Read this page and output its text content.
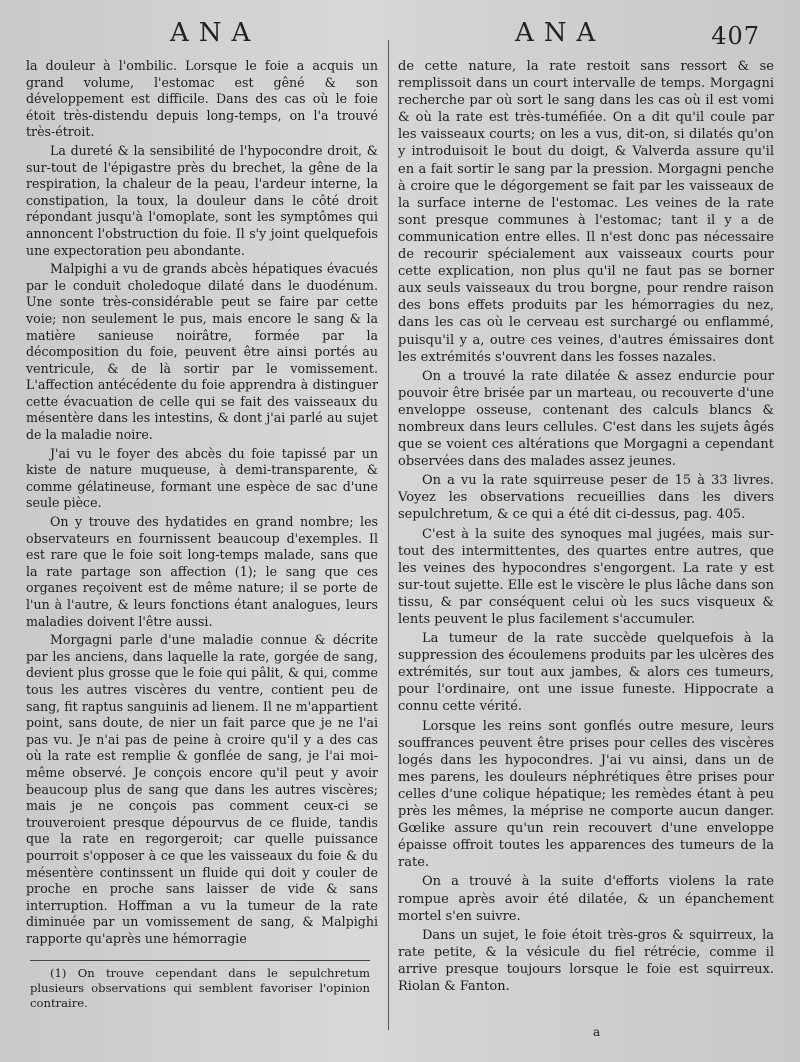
ANA	ANA	407

la douleur à l'ombilic. Lorsque le foie a acquis un grand volume, l'estomac est gêné & son développement est difficile. Dans des cas où le foie étoit très-distendu depuis long-temps, on l'a trouvé très-étroit.

La dureté & la sensibilité de l'hypocondre droit, & sur-tout de l'épigastre près du brechet, la gêne de la respiration, la chaleur de la peau, l'ardeur interne, la constipation, la toux, la douleur dans le côté droit répondant jusqu'à l'omoplate, sont les symptômes qui annoncent l'obstruction du foie. Il s'y joint quelquefois une expectoration peu abondante.

Malpighi a vu de grands abcès hépatiques évacués par le conduit choledoque dilaté dans le duodénum. Une sonte très-considérable peut se faire par cette voie; non seulement le pus, mais encore le sang & la matière sanieuse noirâtre, formée par la décomposition du foie, peuvent être ainsi portés au ventricule, & de là sortir par le vomissement. L'affection antécédente du foie apprendra à distinguer cette évacuation de celle qui se fait des vaisseaux du mésentère dans les intestins, & dont j'ai parlé au sujet de la maladie noire.

J'ai vu le foyer des abcès du foie tapissé par un kiste de nature muqueuse, à demi-transparente, & comme gélatineuse, formant une espèce de sac d'une seule pièce.

On y trouve des hydatides en grand nombre; les observateurs en fournissent beaucoup d'exemples. Il est rare que le foie soit long-temps malade, sans que la rate partage son affection (1); le sang que ces organes reçoivent est de même nature; il se porte de l'un à l'autre, & leurs fonctions étant analogues, leurs maladies doivent l'être aussi.

Morgagni parle d'une maladie connue & décrite par les anciens, dans laquelle la rate, gorgée de sang, devient plus grosse que le foie qui pâlit, & qui, comme tous les autres viscères du ventre, contient peu de sang, fit raptus sanguinis ad lienem. Il ne m'appartient point, sans doute, de nier un fait parce que je ne l'ai pas vu. Je n'ai pas de peine à croire qu'il y a des cas où la rate est remplie & gonflée de sang, je l'ai moi-même observé. Je conçois encore qu'il peut y avoir beaucoup plus de sang que dans les autres viscères; mais je ne conçois pas comment ceux-ci se trouveroient presque dépourvus de ce fluide, tandis que la rate en regorgeroit; car quelle puissance pourroit s'opposer à ce que les vaisseaux du foie & du mésentère continssent un fluide qui doit y couler de proche en proche sans laisser de vide & sans interruption. Hoffman a vu la tumeur de la rate diminuée par un vomissement de sang, & Malpighi rapporte qu'après une hémorragie

de cette nature, la rate restoit sans ressort & se remplissoit dans un court intervalle de temps. Morgagni recherche par où sort le sang dans les cas où il est vomi & où la rate est très-tuméfiée. On a dit qu'il coule par les vaisseaux courts; on les a vus, dit-on, si dilatés qu'on y introduisoit le bout du doigt, & Valverda assure qu'il en a fait sortir le sang par la pression. Morgagni penche à croire que le dégorgement se fait par les vaisseaux de la surface interne de l'estomac. Les veines de la rate sont presque communes à l'estomac; tant il y a de communication entre elles. Il n'est donc pas nécessaire de recourir spécialement aux vaisseaux courts pour cette explication, non plus qu'il ne faut pas se borner aux seuls vaisseaux du trou borgne, pour rendre raison des bons effets produits par les hémorragies du nez, dans les cas où le cerveau est surchargé ou enflammé, puisqu'il y a, outre ces veines, d'autres émissaires dont les extrémités s'ouvrent dans les fosses nazales.

On a trouvé la rate dilatée & assez endurcie pour pouvoir être brisée par un marteau, ou recouverte d'une enveloppe osseuse, contenant des calculs blancs & nombreux dans leurs cellules. C'est dans les sujets âgés que se voient ces altérations que Morgagni a cependant observées dans des malades assez jeunes.

On a vu la rate squirreuse peser de 15 à 33 livres. Voyez les observations recueillies dans les divers sepulchretum, & ce qui a été dit ci-dessus, pag. 405.

C'est à la suite des synoques mal jugées, mais sur-tout des intermittentes, des quartes entre autres, que les veines des hypocondres s'engorgent. La rate y est sur-tout sujette. Elle est le viscère le plus lâche dans son tissu, & par conséquent celui où les sucs visqueux & lents peuvent le plus facilement s'accumuler.

La tumeur de la rate succède quelquefois à la suppression des écoulemens produits par les ulcères des extrémités, sur tout aux jambes, & alors ces tumeurs, pour l'ordinaire, ont une issue funeste. Hippocrate a connu cette vérité.

Lorsque les reins sont gonflés outre mesure, leurs souffrances peuvent être prises pour celles des viscères logés dans les hypocondres. J'ai vu ainsi, dans un de mes parens, les douleurs néphrétiques être prises pour celles d'une colique hépatique; les remèdes étant à peu près les mêmes, la méprise ne comporte aucun danger. Gœlike assure qu'un rein recouvert d'une enveloppe épaisse offroit toutes les apparences des tumeurs de la rate.

On a trouvé à la suite d'efforts violens la rate rompue après avoir été dilatée, & un épanchement mortel s'en suivre.

Dans un sujet, le foie étoit très-gros & squirreux, la rate petite, & la vésicule du fiel rétrécie, comme il arrive presque toujours lorsque le foie est squirreux. Riolan & Fanton.

(1) On trouve cependant dans le sepulchretum plusieurs observations qui semblent favoriser l'opinion contraire.

a
